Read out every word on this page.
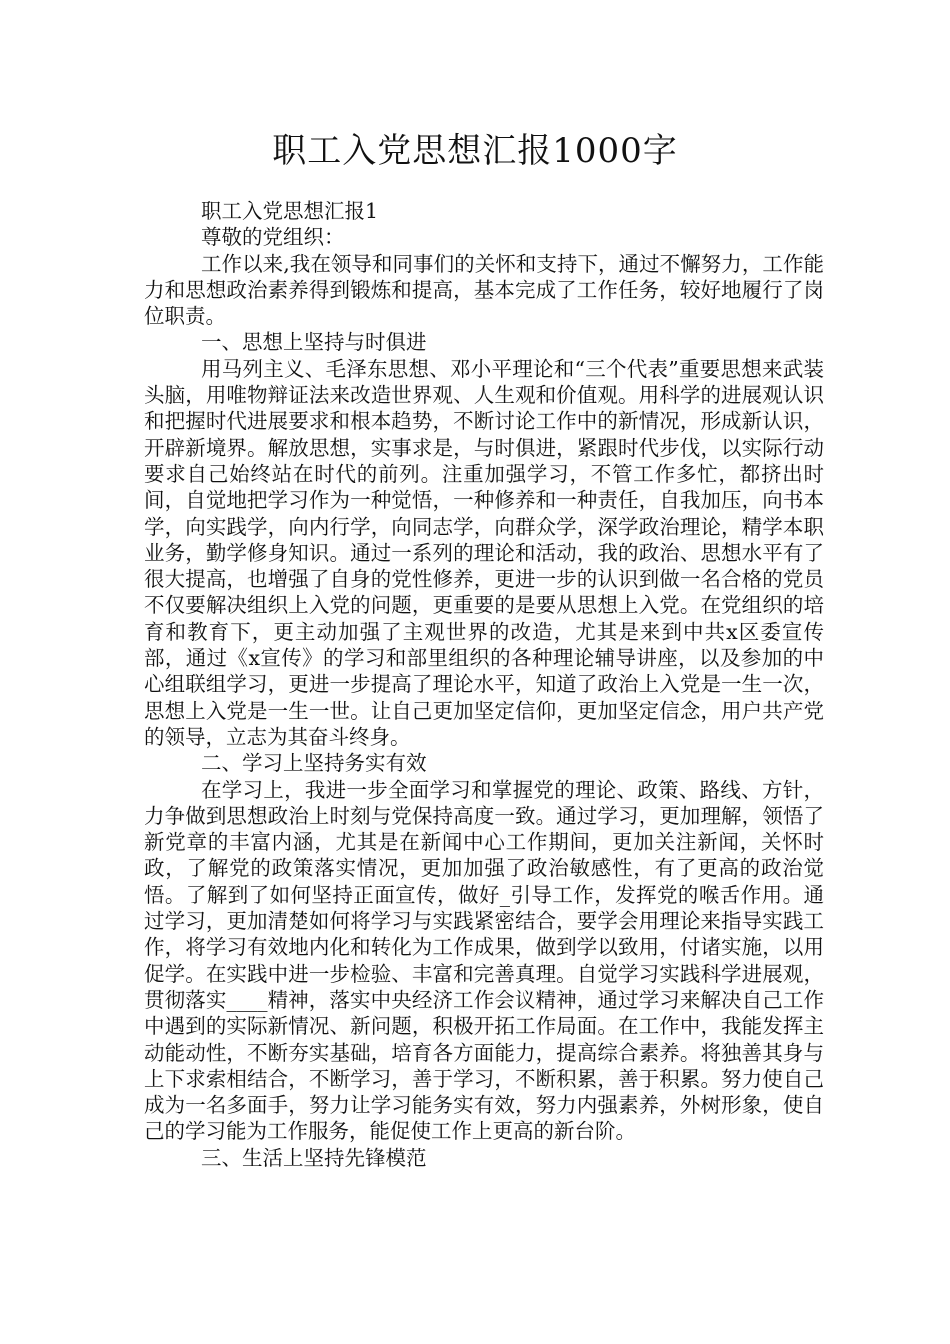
职工入党思想汇报1000字

职工入党思想汇报1

尊敬的党组织：

工作以来,我在领导和同事们的关怀和支持下，通过不懈努力，工作能力和思想政治素养得到锻炼和提高，基本完成了工作任务，较好地履行了岗位职责。

一、思想上坚持与时俱进

用马列主义、毛泽东思想、邓小平理论和“三个代表”重要思想来武装头脑，用唯物辩证法来改造世界观、人生观和价值观。用科学的进展观认识和把握时代进展要求和根本趋势，不断讨论工作中的新情况，形成新认识，开辟新境界。解放思想，实事求是，与时俱进，紧跟时代步伐，以实际行动要求自己始终站在时代的前列。注重加强学习，不管工作多忙，都挤出时间，自觉地把学习作为一种觉悟，一种修养和一种责任，自我加压，向书本学，向实践学，向内行学，向同志学，向群众学，深学政治理论，精学本职业务，勤学修身知识。通过一系列的理论和活动，我的政治、思想水平有了很大提高，也增强了自身的党性修养，更进一步的认识到做一名合格的党员不仅要解决组织上入党的问题，更重要的是要从思想上入党。在党组织的培育和教育下，更主动加强了主观世界的改造，尤其是来到中共x区委宣传部，通过《x宣传》的学习和部里组织的各种理论辅导讲座，以及参加的中心组联组学习，更进一步提高了理论水平，知道了政治上入党是一生一次，思想上入党是一生一世。让自己更加坚定信仰，更加坚定信念，用户共产党的领导，立志为其奋斗终身。

二、学习上坚持务实有效

在学习上，我进一步全面学习和掌握党的理论、政策、路线、方针，力争做到思想政治上时刻与党保持高度一致。通过学习，更加理解，领悟了新党章的丰富内涵，尤其是在新闻中心工作期间，更加关注新闻，关怀时政，了解党的政策落实情况，更加加强了政治敏感性，有了更高的政治觉悟。了解到了如何坚持正面宣传，做好_引导工作，发挥党的喉舌作用。通过学习，更加清楚如何将学习与实践紧密结合，要学会用理论来指导实践工作，将学习有效地内化和转化为工作成果，做到学以致用，付诸实施，以用促学。在实践中进一步检验、丰富和完善真理。自觉学习实践科学进展观，贯彻落实____精神，落实中央经济工作会议精神，通过学习来解决自己工作中遇到的实际新情况、新问题，积极开拓工作局面。在工作中，我能发挥主动能动性，不断夯实基础，培育各方面能力，提高综合素养。将独善其身与上下求索相结合，不断学习，善于学习，不断积累，善于积累。努力使自己成为一名多面手，努力让学习能务实有效，努力内强素养，外树形象，使自己的学习能为工作服务，能促使工作上更高的新台阶。

三、生活上坚持先锋模范
